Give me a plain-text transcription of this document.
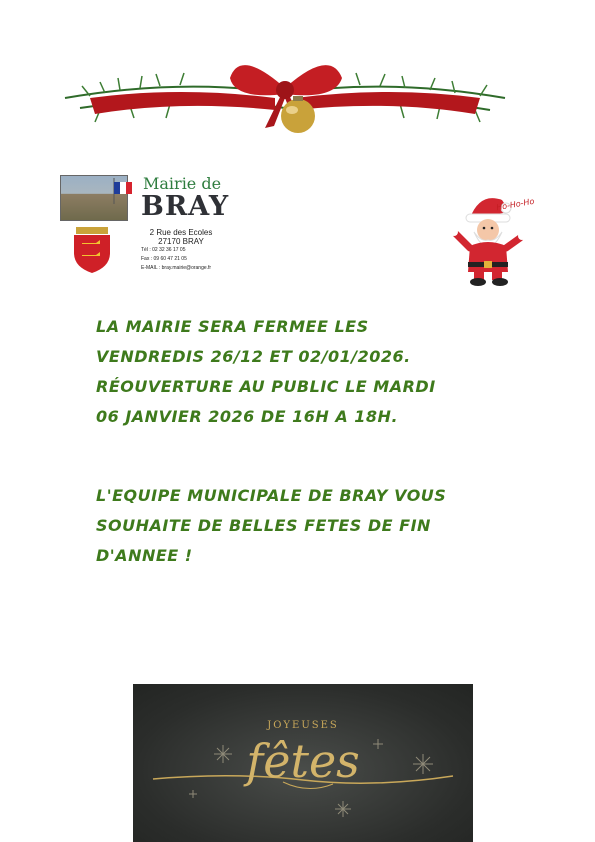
Mairie de
BRAY
2 Rue des Ecoles
27170 BRAY
Tél : 02 32 36 17 05
Fax : 09 60 47 21 05
E-MAIL : bray.mairie@orange.fr
Ho-Ho-Ho
LA MAIRIE SERA FERMEE LES
VENDREDIS 26/12 ET 02/01/2026.
RÉOUVERTURE AU PUBLIC LE MARDI
06 JANVIER 2026 DE 16H A 18H.
L'EQUIPE MUNICIPALE DE BRAY VOUS
SOUHAITE DE BELLES FETES DE FIN
D'ANNEE !
JOYEUSES
fêtes
